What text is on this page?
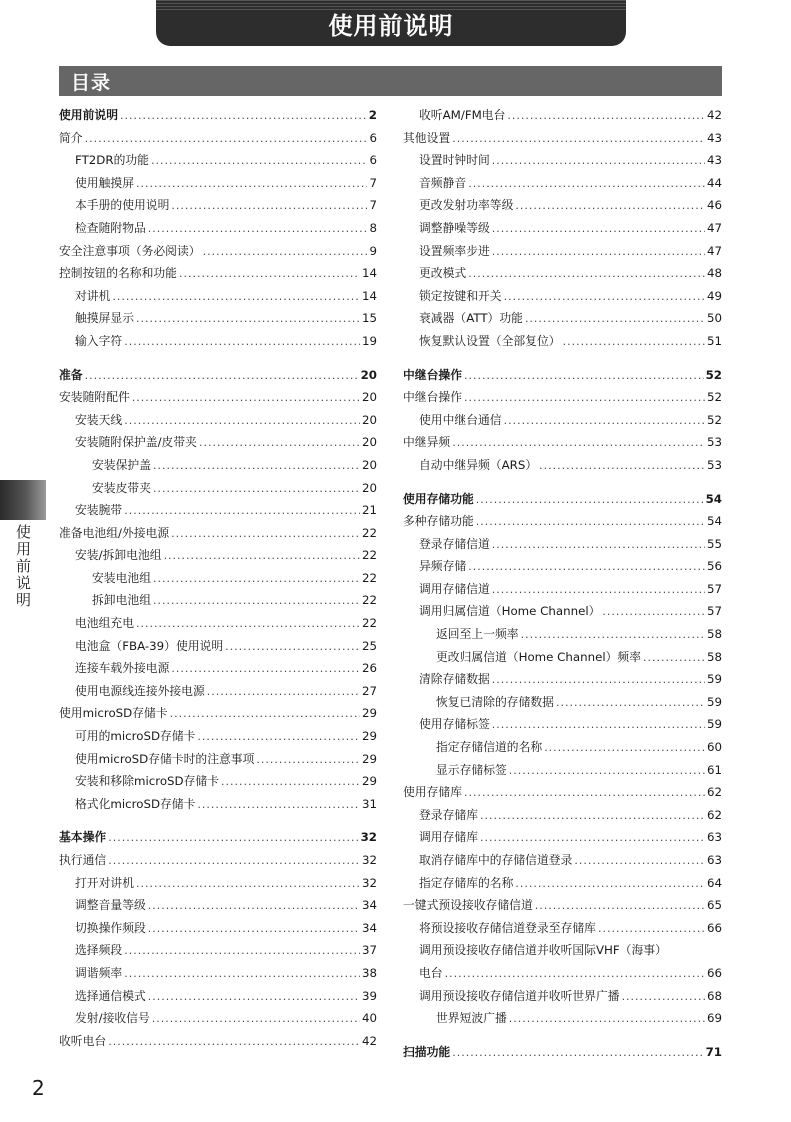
使用前说明
目录
使用前说明
使用前说明 .....	2
简介 .....	6
FT2DR的功能 .....	6
使用触摸屏 .....	7
本手册的使用说明 .....	7
检查随附物品 .....	8
安全注意事项（务必阅读） .....	9
控制按钮的名称和功能 .....	14
对讲机 .....	14
触摸屏显示 .....	15
输入字符 .....	19
准备 .....	20
安装随附配件 .....	20
安装天线 .....	20
安装随附保护盖/皮带夹 .....	20
安装保护盖 .....	20
安装皮带夹 .....	20
安装腕带 .....	21
准备电池组/外接电源 .....	22
安装/拆卸电池组 .....	22
安装电池组 .....	22
拆卸电池组 .....	22
电池组充电 .....	22
电池盒（FBA-39）使用说明 .....	25
连接车载外接电源 .....	26
使用电源线连接外接电源 .....	27
使用microSD存储卡 .....	29
可用的microSD存储卡 .....	29
使用microSD存储卡时的注意事项 .....	29
安装和移除microSD存储卡 .....	29
格式化microSD存储卡 .....	31
基本操作 .....	32
执行通信 .....	32
打开对讲机 .....	32
调整音量等级 .....	34
切换操作频段 .....	34
选择频段 .....	37
调谐频率 .....	38
选择通信模式 .....	39
发射/接收信号 .....	40
收听电台 .....	42
收听AM/FM电台 .....	42
其他设置 .....	43
设置时钟时间 .....	43
音频静音 .....	44
更改发射功率等级 .....	46
调整静噪等级 .....	47
设置频率步进 .....	47
更改模式 .....	48
锁定按键和开关 .....	49
衰减器（ATT）功能 .....	50
恢复默认设置（全部复位） .....	51
中继台操作 .....	52
中继台操作 .....	52
使用中继台通信 .....	52
中继异频 .....	53
自动中继异频（ARS） .....	53
使用存储功能 .....	54
多种存储功能 .....	54
登录存储信道 .....	55
异频存储 .....	56
调用存储信道 .....	57
调用归属信道（Home Channel） .....	57
返回至上一频率 .....	58
更改归属信道（Home Channel）频率 .....	58
清除存储数据 .....	59
恢复已清除的存储数据 .....	59
使用存储标签 .....	59
指定存储信道的名称 .....	60
显示存储标签 .....	61
使用存储库 .....	62
登录存储库 .....	62
调用存储库 .....	63
取消存储库中的存储信道登录 .....	63
指定存储库的名称 .....	64
一键式预设接收存储信道 .....	65
将预设接收存储信道登录至存储库 .....	66
调用预设接收存储信道并收听国际VHF（海事）
电台 .....	66
调用预设接收存储信道并收听世界广播 .....	68
世界短波广播 .....	69
扫描功能 .....	71
2
